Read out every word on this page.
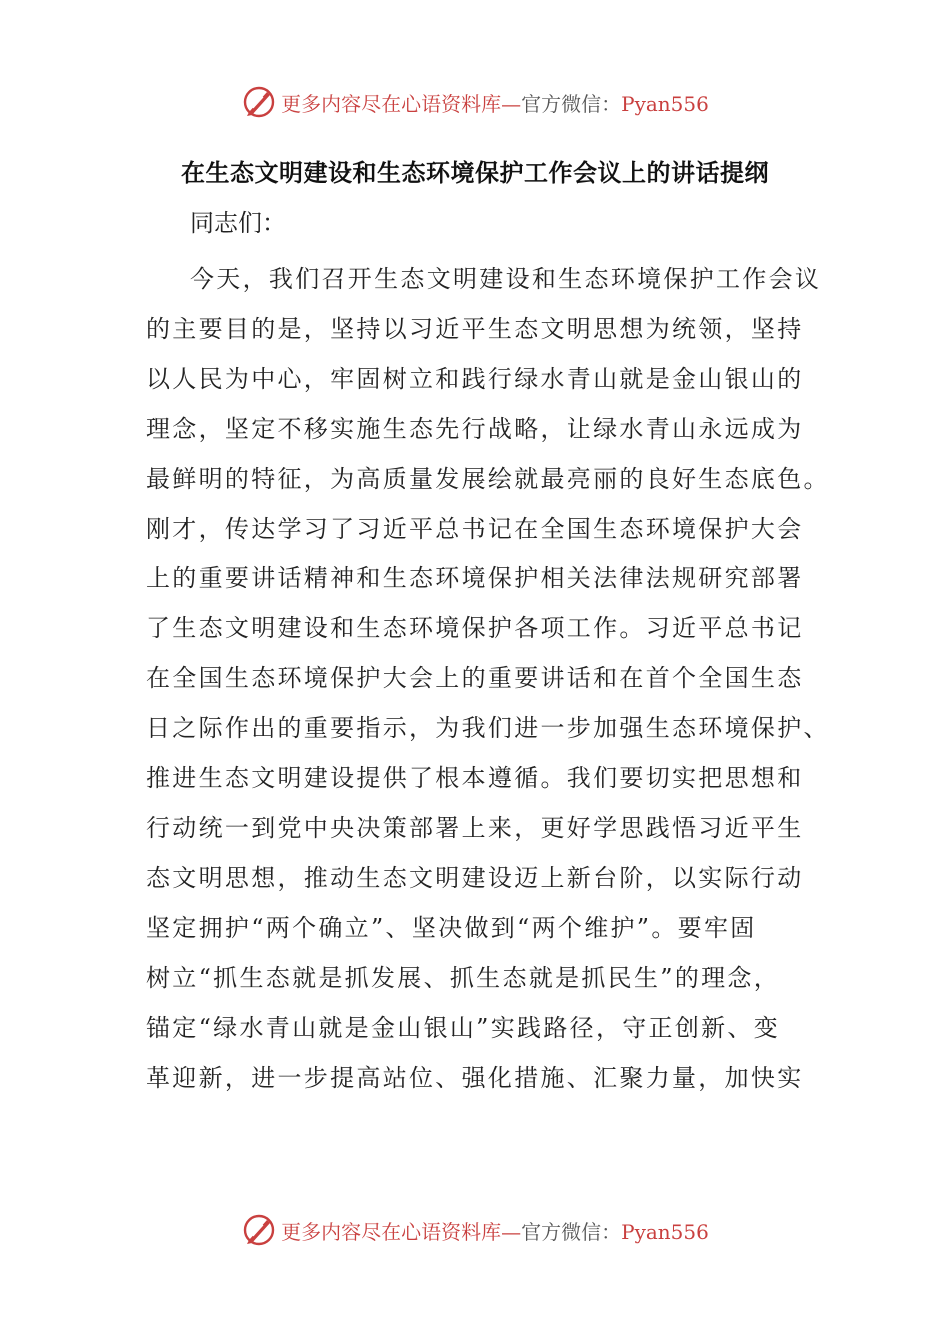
更多内容尽在心语资料库—官方微信：Pyan556
在生态文明建设和生态环境保护工作会议上的讲话提纲

同志们：

今天，我们召开生态文明建设和生态环境保护工作会议
的主要目的是，坚持以习近平生态文明思想为统领，坚持
以人民为中心，牢固树立和践行绿水青山就是金山银山的
理念，坚定不移实施生态先行战略，让绿水青山永远成为
最鲜明的特征，为高质量发展绘就最亮丽的良好生态底色。
刚才，传达学习了习近平总书记在全国生态环境保护大会
上的重要讲话精神和生态环境保护相关法律法规研究部署
了生态文明建设和生态环境保护各项工作。习近平总书记
在全国生态环境保护大会上的重要讲话和在首个全国生态
日之际作出的重要指示，为我们进一步加强生态环境保护、
推进生态文明建设提供了根本遵循。我们要切实把思想和
行动统一到党中央决策部署上来，更好学思践悟习近平生
态文明思想，推动生态文明建设迈上新台阶，以实际行动
坚定拥护“两个确立”、坚决做到“两个维护”。要牢固
树立“抓生态就是抓发展、抓生态就是抓民生”的理念，
锚定“绿水青山就是金山银山”实践路径，守正创新、变
革迎新，进一步提高站位、强化措施、汇聚力量，加快实
更多内容尽在心语资料库—官方微信：Pyan556
